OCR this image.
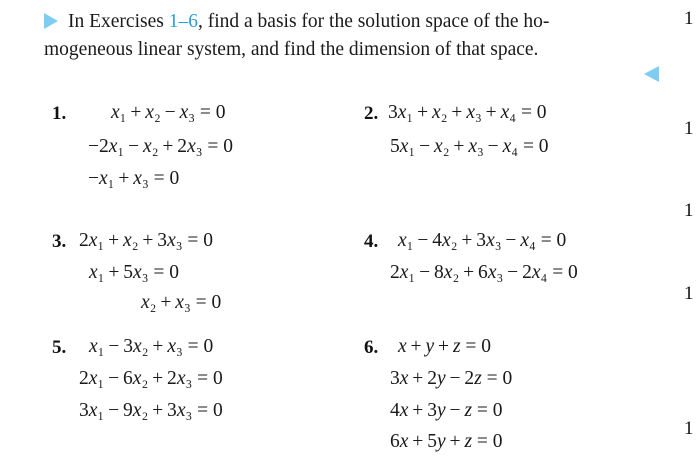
In Exercises 1–6, find a basis for the solution space of the ho-
mogeneous linear system, and find the dimension of that space.
1
1
1
1
1
1. x₁ + x₂ − x₃ = 0
−2x₁ − x₂ + 2x₃ = 0
−x₁ + x₃ = 0
2. 3x₁ + x₂ + x₃ + x₄ = 0
5x₁ − x₂ + x₃ − x₄ = 0
3. 2x₁ + x₂ + 3x₃ = 0
x₁ + 5x₃ = 0
x₂ + x₃ = 0
4. x₁ − 4x₂ + 3x₃ − x₄ = 0
2x₁ − 8x₂ + 6x₃ − 2x₄ = 0
5. x₁ − 3x₂ + x₃ = 0
2x₁ − 6x₂ + 2x₃ = 0
3x₁ − 9x₂ + 3x₃ = 0
6. x + y + z = 0
3x + 2y − 2z = 0
4x + 3y − z = 0
6x + 5y + z = 0
